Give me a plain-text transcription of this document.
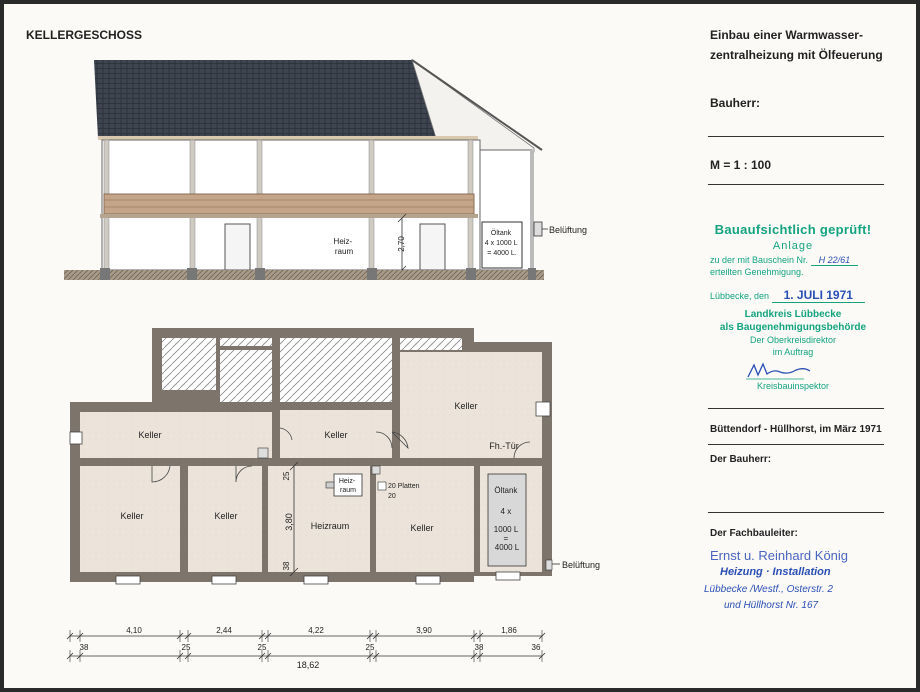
KELLERGESCHOSS	Einbau einer Warmwasser-
zentralheizung mit Ölfeuerung
Bauherr:
M = 1 : 100
Bauaufsichtlich geprüft!
Anlage
zu der mit Bauschein Nr. H 22/61
erteilten Genehmigung.
Lübbecke, den 1. JULI 1971
Landkreis Lübbecke
als Baugenehmigungsbehörde
Der Oberkreisdirektor
im Auftrag
Kreisbauinspektor
Büttendorf - Hüllhorst, im März 1971
Der Bauherr:
Der Fachbauleiter:
Ernst u. Reinhard König
Heizung · Installation
Lübbecke /Westf., Osterstr. 2
und Hüllhorst Nr. 167
Heiz- raum	2,70
Öltank 4 x 1000 L = 4000 L.
Belüftung
Keller	Keller
Keller
Keller	Keller
Heizraum	Keller
Fh.-Tür
Heiz- raum
20 Platten 20
Öltank 4 x 1000 L = 4000 L
Belüftung
25
3,80
38
4,10	2,44	4,22	3,90	1,86
38	25	25	25	38	36
18,62
